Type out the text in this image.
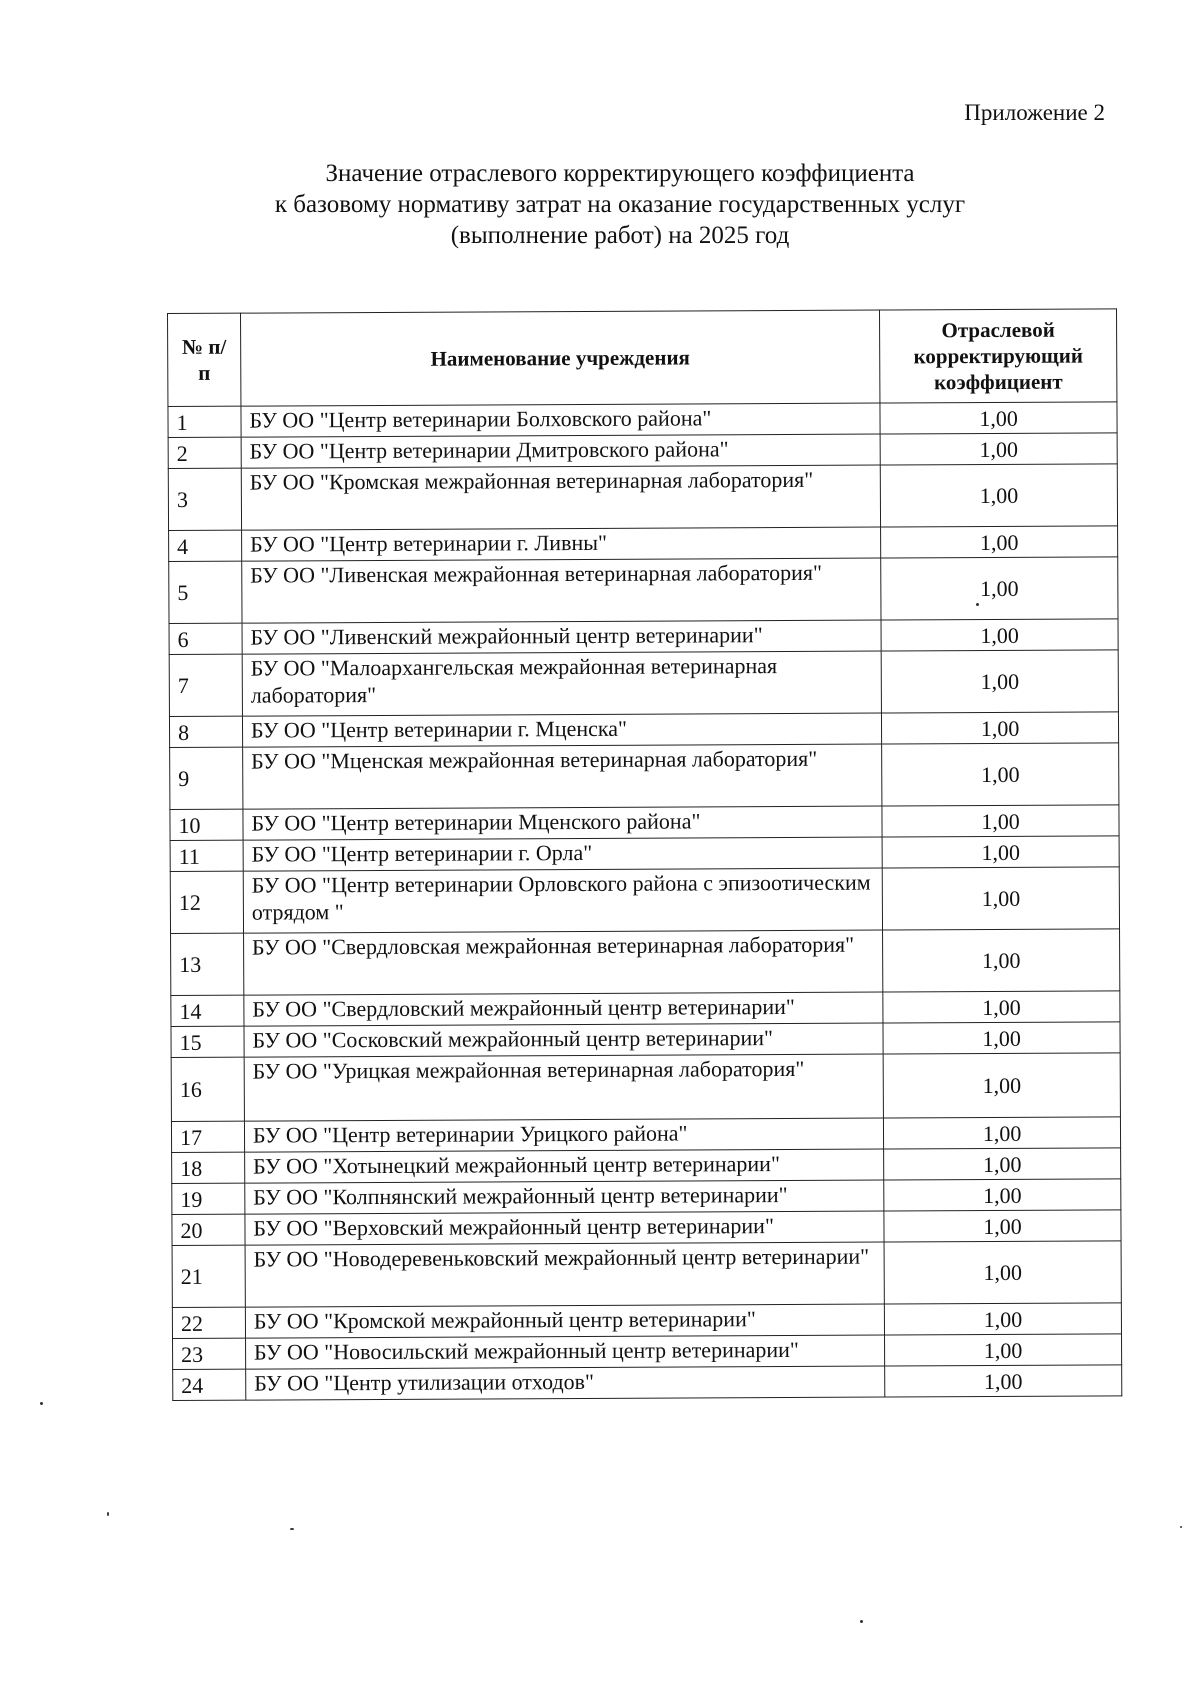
Приложение 2
Значение отраслевого корректирующего коэффициента
к базовому нормативу затрат на оказание государственных услуг
(выполнение работ) на 2025 год
№ п/п	Наименование учреждения	Отраслевой корректирующий коэффициент
1	БУ ОО "Центр ветеринарии Болховского района"	1,00
2	БУ ОО "Центр ветеринарии Дмитровского района"	1,00
3	БУ ОО "Кромская межрайонная ветеринарная лаборатория"	1,00
4	БУ ОО "Центр ветеринарии г. Ливны"	1,00
5	БУ ОО "Ливенская межрайонная ветеринарная лаборатория"	1,00
6	БУ ОО "Ливенский межрайонный центр ветеринарии"	1,00
7	БУ ОО "Малоархангельская межрайонная ветеринарная лаборатория"	1,00
8	БУ ОО "Центр ветеринарии г. Мценска"	1,00
9	БУ ОО "Мценская межрайонная ветеринарная лаборатория"	1,00
10	БУ ОО "Центр ветеринарии Мценского района"	1,00
11	БУ ОО "Центр ветеринарии г. Орла"	1,00
12	БУ ОО "Центр ветеринарии Орловского района с эпизоотическим отрядом "	1,00
13	БУ ОО "Свердловская межрайонная ветеринарная лаборатория"	1,00
14	БУ ОО "Свердловский межрайонный центр ветеринарии"	1,00
15	БУ ОО "Сосковский межрайонный центр ветеринарии"	1,00
16	БУ ОО "Урицкая межрайонная ветеринарная лаборатория"	1,00
17	БУ ОО "Центр ветеринарии Урицкого района"	1,00
18	БУ ОО "Хотынецкий межрайонный центр ветеринарии"	1,00
19	БУ ОО "Колпнянский межрайонный центр ветеринарии"	1,00
20	БУ ОО "Верховский межрайонный центр ветеринарии"	1,00
21	БУ ОО "Новодеревеньковский межрайонный центр ветеринарии"	1,00
22	БУ ОО "Кромской межрайонный центр ветеринарии"	1,00
23	БУ ОО "Новосильский межрайонный центр ветеринарии"	1,00
24	БУ ОО "Центр утилизации отходов"	1,00
